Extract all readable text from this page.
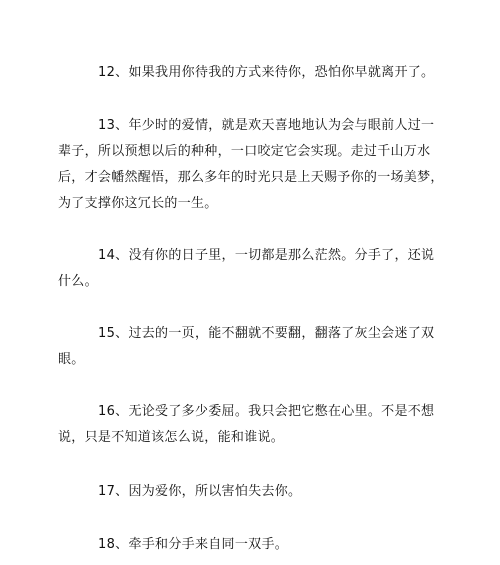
12、如果我用你待我的方式来待你，恐怕你早就离开了。
13、年少时的爱情，就是欢天喜地地认为会与眼前人过一
辈子，所以预想以后的种种，一口咬定它会实现。走过千山万水
后，才会幡然醒悟，那么多年的时光只是上天赐予你的一场美梦，
为了支撑你这冗长的一生。
14、没有你的日子里，一切都是那么茫然。分手了，还说
什么。
15、过去的一页，能不翻就不要翻，翻落了灰尘会迷了双
眼。
16、无论受了多少委屈。我只会把它憋在心里。不是不想
说，只是不知道该怎么说，能和谁说。
17、因为爱你，所以害怕失去你。
18、牵手和分手来自同一双手。
